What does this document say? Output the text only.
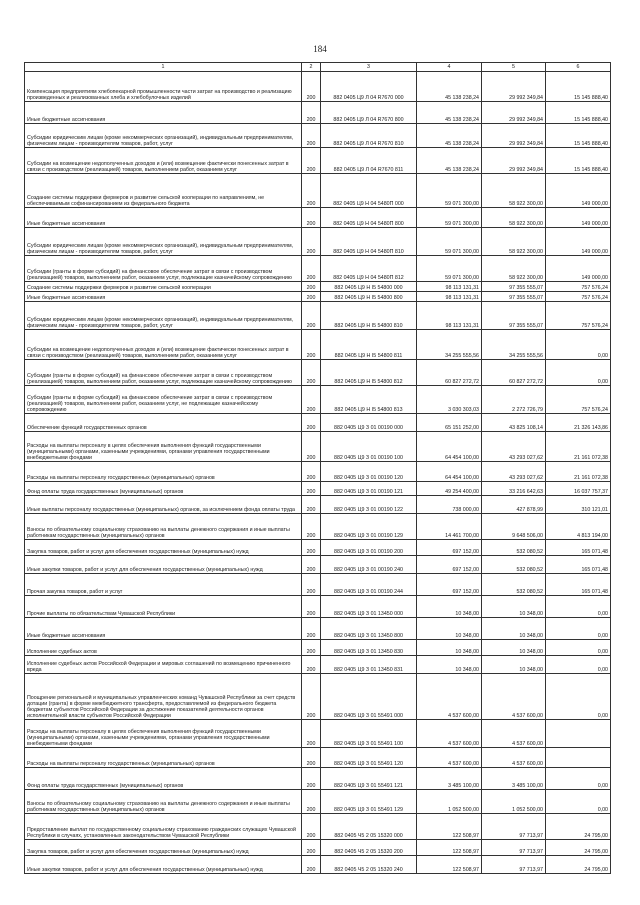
184
1	2	3	4	5	6
Компенсация предприятиям хлебопекарной промышленности части затрат на производство и реализацию произведенных и реализованных хлеба и хлебобулочных изделий	200	882 0405 Ц9 Л 04 R7670 000	45 138 238,24	29 992 349,84	15 145 888,40
Иные бюджетные ассигнования	200	882 0405 Ц9 Л 04 R7670 800	45 138 238,24	29 992 349,84	15 145 888,40
Субсидии юридическим лицам (кроме некоммерческих организаций), индивидуальным предпринимателям, физическим лицам - производителям товаров, работ, услуг	200	882 0405 Ц9 Л 04 R7670 810	45 138 238,24	29 992 349,84	15 145 888,40
Субсидии на возмещение недополученных доходов и (или) возмещение фактически понесенных затрат в связи с производством (реализацией) товаров, выполнением работ, оказанием услуг	200	882 0405 Ц9 Л 04 R7670 811	45 138 238,24	29 992 349,84	15 145 888,40
Создание системы поддержки фермеров и развитие сельской кооперации по направлениям, не обеспечиваемым софинансированием из федерального бюджета	200	882 0405 Ц9 Н 04 5480П 000	59 071 300,00	58 922 300,00	149 000,00
Иные бюджетные ассигнования	200	882 0405 Ц9 Н 04 5480П 800	59 071 300,00	58 922 300,00	149 000,00
Субсидии юридическим лицам (кроме некоммерческих организаций), индивидуальным предпринимателям, физическим лицам - производителям товаров, работ, услуг	200	882 0405 Ц9 Н 04 5480П 810	59 071 300,00	58 922 300,00	149 000,00
Субсидии (гранты в форме субсидий) на финансовое обеспечение затрат в связи с производством (реализацией) товаров, выполнением работ, оказанием услуг, подлежащие казначейскому сопровождению	200	882 0405 Ц9 Н 04 5480П 812	59 071 300,00	58 922 300,00	149 000,00
Создание системы поддержки фермеров и развитие сельской кооперации	200	882 0405 Ц9 Н I5 54800 000	98 113 131,31	97 355 555,07	757 576,24
Иные бюджетные ассигнования	200	882 0405 Ц9 Н I5 54800 800	98 113 131,31	97 355 555,07	757 576,24
Субсидии юридическим лицам (кроме некоммерческих организаций), индивидуальным предпринимателям, физическим лицам - производителям товаров, работ, услуг	200	882 0405 Ц9 Н I5 54800 810	98 113 131,31	97 355 555,07	757 576,24
Субсидии на возмещение недополученных доходов и (или) возмещение фактически понесенных затрат в связи с производством (реализацией) товаров, выполнением работ, оказанием услуг	200	882 0405 Ц9 Н I5 54800 811	34 255 555,56	34 255 555,56	0,00
Субсидии (гранты в форме субсидий) на финансовое обеспечение затрат в связи с производством (реализацией) товаров, выполнением работ, оказанием услуг, подлежащие казначейскому сопровождению	200	882 0405 Ц9 Н I5 54800 812	60 827 272,72	60 827 272,72	0,00
Субсидии (гранты в форме субсидий) на финансовое обеспечение затрат в связи с производством (реализацией) товаров, выполнением работ, оказанием услуг, не подлежащие казначейскому сопровождению	200	882 0405 Ц9 Н I5 54800 813	3 030 303,03	2 272 726,79	757 576,24
Обеспечение функций государственных органов	200	882 0405 Ц9 З 01 00190 000	65 151 252,00	43 825 108,14	21 326 143,86
Расходы на выплаты персоналу в целях обеспечения выполнения функций государственными (муниципальными) органами, казенными учреждениями, органами управления государственными внебюджетными фондами	200	882 0405 Ц9 З 01 00190 100	64 454 100,00	43 293 027,62	21 161 072,38
Расходы на выплаты персоналу государственных (муниципальных) органов	200	882 0405 Ц9 З 01 00190 120	64 454 100,00	43 293 027,62	21 161 072,38
Фонд оплаты труда государственных (муниципальных) органов	200	882 0405 Ц9 З 01 00190 121	49 254 400,00	33 216 642,63	16 037 757,37
Иные выплаты персоналу государственных (муниципальных) органов, за исключением фонда оплаты труда	200	882 0405 Ц9 З 01 00190 122	738 000,00	427 878,99	310 121,01
Взносы по обязательному социальному страхованию на выплаты денежного содержания и иные выплаты работникам государственных (муниципальных) органов	200	882 0405 Ц9 З 01 00190 129	14 461 700,00	9 648 506,00	4 813 194,00
Закупка товаров, работ и услуг для обеспечения государственных (муниципальных) нужд	200	882 0405 Ц9 З 01 00190 200	697 152,00	532 080,52	165 071,48
Иные закупки товаров, работ и услуг для обеспечения государственных (муниципальных) нужд	200	882 0405 Ц9 З 01 00190 240	697 152,00	532 080,52	165 071,48
Прочая закупка товаров, работ и услуг	200	882 0405 Ц9 З 01 00190 244	697 152,00	532 080,52	165 071,48
Прочие выплаты по обязательствам Чувашской Республики	200	882 0405 Ц9 З 01 13450 000	10 348,00	10 348,00	0,00
Иные бюджетные ассигнования	200	882 0405 Ц9 З 01 13450 800	10 348,00	10 348,00	0,00
Исполнение судебных актов	200	882 0405 Ц9 З 01 13450 830	10 348,00	10 348,00	0,00
Исполнение судебных актов Российской Федерации и мировых соглашений по возмещению причиненного вреда	200	882 0405 Ц9 З 01 13450 831	10 348,00	10 348,00	0,00
Поощрение региональной и муниципальных управленческих команд Чувашской Республики за счет средств дотации (гранта) в форме межбюджетного трансферта, предоставляемой из федерального бюджета бюджетам субъектов Российской Федерации за достижение показателей деятельности органов исполнительной власти субъектов Российской Федерации	200	882 0405 Ц9 З 01 55491 000	4 537 600,00	4 537 600,00	0,00
Расходы на выплаты персоналу в целях обеспечения выполнения функций государственными (муниципальными) органами, казенными учреждениями, органами управления государственными внебюджетными фондами	200	882 0405 Ц9 З 01 55491 100	4 537 600,00	4 537 600,00	
Расходы на выплаты персоналу государственных (муниципальных) органов	200	882 0405 Ц9 З 01 55491 120	4 537 600,00	4 537 600,00	
Фонд оплаты труда государственных (муниципальных) органов	200	882 0405 Ц9 З 01 55491 121	3 485 100,00	3 485 100,00	0,00
Взносы по обязательному социальному страхованию на выплаты денежного содержания и иные выплаты работникам государственных (муниципальных) органов	200	882 0405 Ц9 З 01 55491 129	1 052 500,00	1 052 500,00	0,00
Предоставление выплат по государственному социальному страхованию гражданских служащих Чувашской Республики в случаях, установленных законодательством Чувашской Республики	200	882 0405 Ч5 2 05 15320 000	122 508,97	97 713,97	24 795,00
Закупка товаров, работ и услуг для обеспечения государственных (муниципальных) нужд	200	882 0405 Ч5 2 05 15320 200	122 508,97	97 713,97	24 795,00
Иные закупки товаров, работ и услуг для обеспечения государственных (муниципальных) нужд	200	882 0405 Ч5 2 05 15320 240	122 508,97	97 713,97	24 795,00
